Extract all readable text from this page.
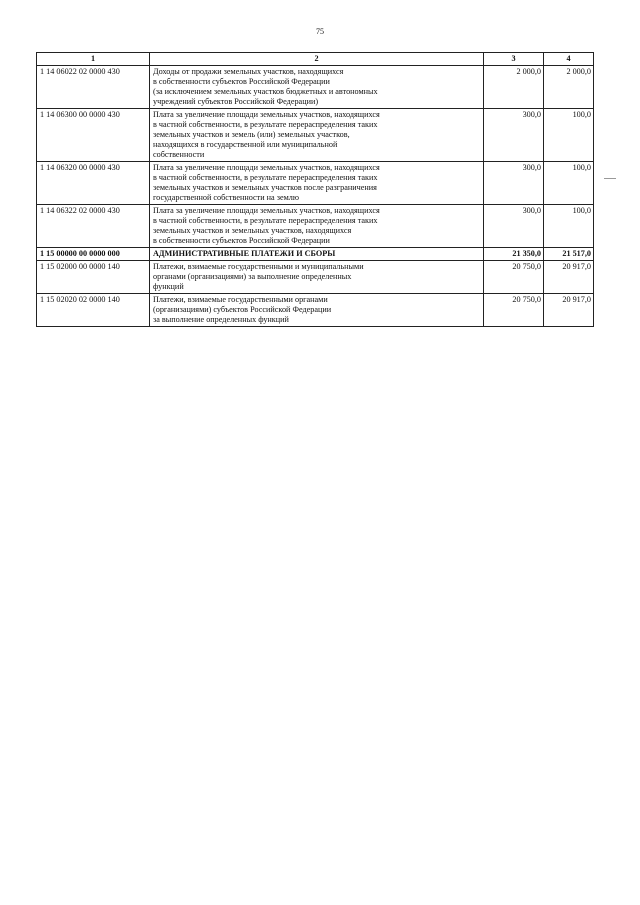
75
1	2	3	4
1 14 06022 02 0000 430	Доходы от продажи земельных участков, находящихся
в собственности субъектов Российской Федерации
(за исключением земельных участков бюджетных и автономных
учреждений субъектов Российской Федерации)	2 000,0	2 000,0
1 14 06300 00 0000 430	Плата за увеличение площади земельных участков, находящихся
в частной собственности, в результате перераспределения таких
земельных участков и земель (или) земельных участков,
находящихся в государственной или муниципальной
собственности	300,0	100,0
1 14 06320 00 0000 430	Плата за увеличение площади земельных участков, находящихся
в частной собственности, в результате перераспределения таких
земельных участков и земельных участков после разграничения
государственной собственности на землю	300,0	100,0
1 14 06322 02 0000 430	Плата за увеличение площади земельных участков, находящихся
в частной собственности, в результате перераспределения таких
земельных участков и земельных участков, находящихся
в собственности субъектов Российской Федерации	300,0	100,0
1 15 00000 00 0000 000	АДМИНИСТРАТИВНЫЕ ПЛАТЕЖИ И СБОРЫ	21 350,0	21 517,0
1 15 02000 00 0000 140	Платежи, взимаемые государственными и муниципальными
органами (организациями) за выполнение определенных
функций	20 750,0	20 917,0
1 15 02020 02 0000 140	Платежи, взимаемые государственными органами
(организациями) субъектов Российской Федерации
за выполнение определенных функций	20 750,0	20 917,0
